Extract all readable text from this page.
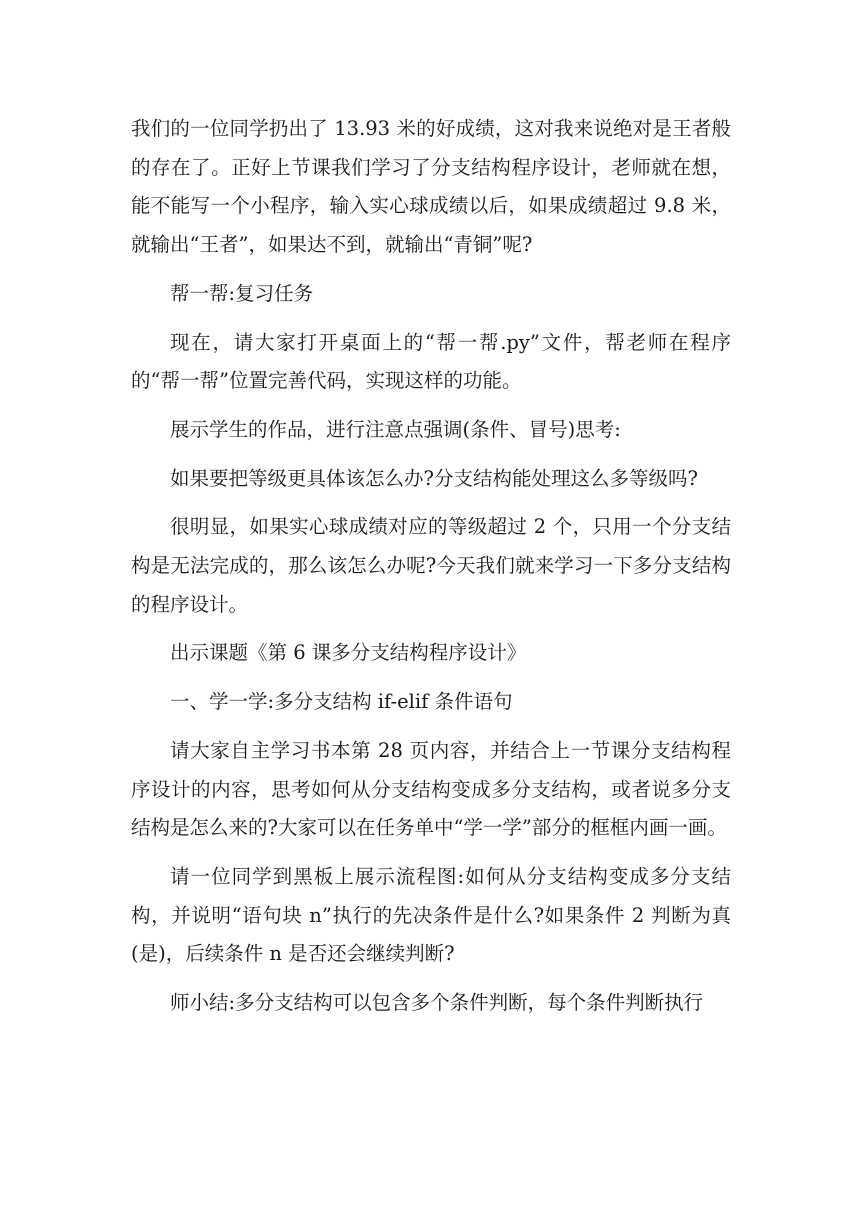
我们的一位同学扔出了 13.93 米的好成绩，这对我来说绝对是王者般的存在了。正好上节课我们学习了分支结构程序设计，老师就在想，能不能写一个小程序，输入实心球成绩以后，如果成绩超过 9.8 米，就输出“王者”，如果达不到，就输出“青铜”呢?

帮一帮:复习任务

现在，请大家打开桌面上的“帮一帮.py”文件，帮老师在程序的“帮一帮”位置完善代码，实现这样的功能。

展示学生的作品，进行注意点强调(条件、冒号)思考:

如果要把等级更具体该怎么办?分支结构能处理这么多等级吗?

很明显，如果实心球成绩对应的等级超过 2 个，只用一个分支结构是无法完成的，那么该怎么办呢?今天我们就来学习一下多分支结构的程序设计。

出示课题《第 6 课多分支结构程序设计》

一、学一学:多分支结构 if-elif 条件语句

请大家自主学习书本第 28 页内容，并结合上一节课分支结构程序设计的内容，思考如何从分支结构变成多分支结构，或者说多分支结构是怎么来的?大家可以在任务单中“学一学”部分的框框内画一画。

请一位同学到黑板上展示流程图:如何从分支结构变成多分支结构，并说明“语句块 n”执行的先决条件是什么?如果条件 2 判断为真(是)，后续条件 n 是否还会继续判断?

师小结:多分支结构可以包含多个条件判断，每个条件判断执行
